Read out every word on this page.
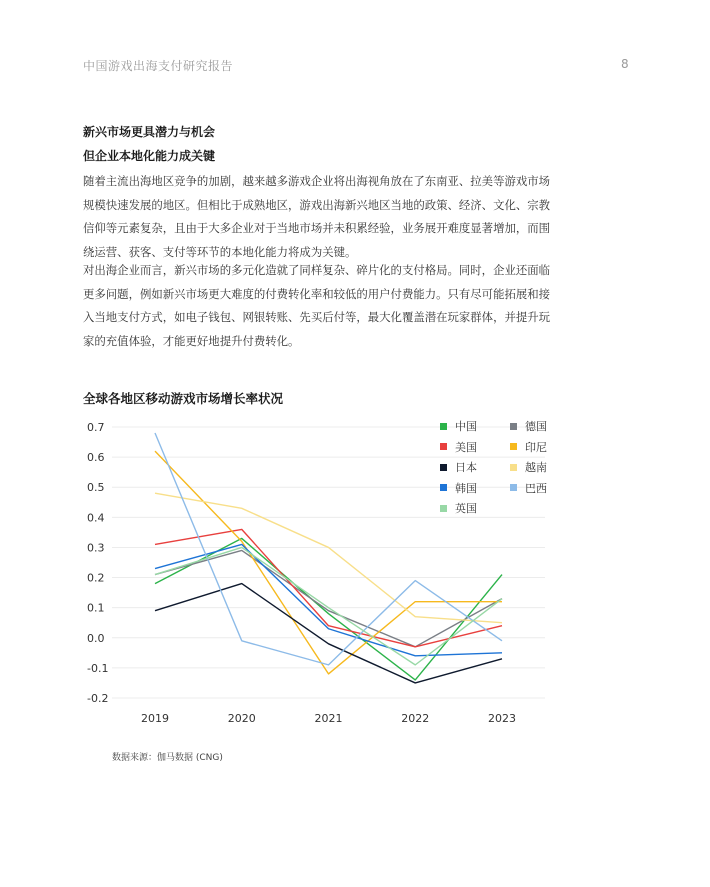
中国游戏出海支付研究报告	8
新兴市场更具潜力与机会
但企业本地化能力成关键

随着主流出海地区竞争的加剧，越来越多游戏企业将出海视角放在了东南亚、拉美等游戏市场规模快速发展的地区。但相比于成熟地区，游戏出海新兴地区当地的政策、经济、文化、宗教信仰等元素复杂，且由于大多企业对于当地市场并未积累经验，业务展开难度显著增加，而围绕运营、获客、支付等环节的本地化能力将成为关键。

对出海企业而言，新兴市场的多元化造就了同样复杂、碎片化的支付格局。同时，企业还面临更多问题，例如新兴市场更大难度的付费转化率和较低的用户付费能力。只有尽可能拓展和接入当地支付方式，如电子钱包、网银转账、先买后付等，最大化覆盖潜在玩家群体，并提升玩家的充值体验，才能更好地提升付费转化。

全球各地区移动游戏市场增长率状况
0.7
0.6
0.5
0.4
0.3
0.2
0.1
0.0
-0.1
-0.2
2019	2020	2021	2022	2023
中国	德国
美国	印尼
日本	越南
韩国	巴西
英国
数据来源：伽马数据 (CNG)
